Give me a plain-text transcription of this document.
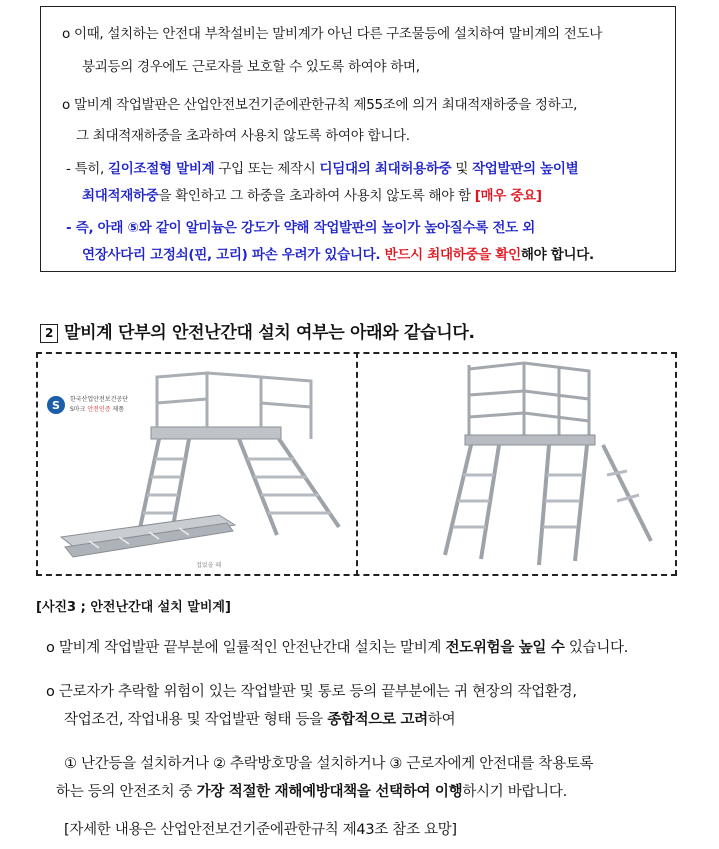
o 이때, 설치하는 안전대 부착설비는 말비계가 아닌 다른 구조물등에 설치하여 말비계의 전도나
붕괴등의 경우에도 근로자를 보호할 수 있도록 하여야 하며,
o 말비계 작업발판은 산업안전보건기준에관한규칙 제55조에 의거 최대적재하중을 정하고,
그 최대적재하중을 초과하여 사용치 않도록 하여야 합니다.
- 특히, 길이조절형 말비계 구입 또는 제작시 디딤대의 최대허용하중 및 작업발판의 높이별
최대적재하중을 확인하고 그 하중을 초과하여 사용치 않도록 해야 함 [매우 중요]
- 즉, 아래 ⑤와 같이 알미늄은 강도가 약해 작업발판의 높이가 높아질수록 전도 외
연장사다리 고정쇠(핀, 고리) 파손 우려가 있습니다. 반드시 최대하중을 확인해야 합니다.
2 말비계 단부의 안전난간대 설치 여부는 아래와 같습니다.
S 한국산업안전보건공단
S마크 안전인증 제품
접었을 때
[사진3 ; 안전난간대 설치 말비계]
o 말비계 작업발판 끝부분에 일률적인 안전난간대 설치는 말비계 전도위험을 높일 수 있습니다.
o 근로자가 추락할 위험이 있는 작업발판 및 통로 등의 끝부분에는 귀 현장의 작업환경,
작업조건, 작업내용 및 작업발판 형태 등을 종합적으로 고려하여
① 난간등을 설치하거나 ② 추락방호망을 설치하거나 ③ 근로자에게 안전대를 착용토록
하는 등의 안전조치 중 가장 적절한 재해예방대책을 선택하여 이행하시기 바랍니다.
[자세한 내용은 산업안전보건기준에관한규칙 제43조 참조 요망]
